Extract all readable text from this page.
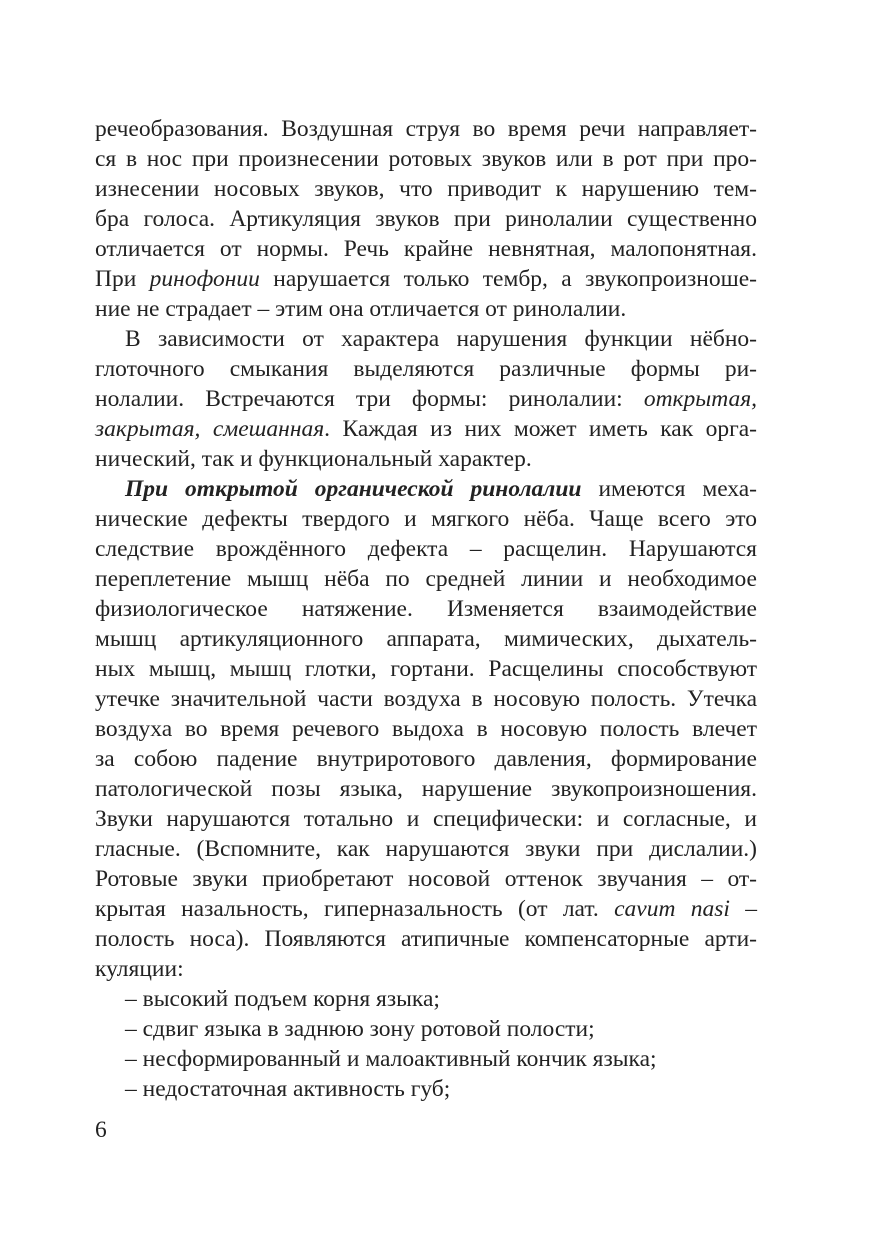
речеобразования. Воздушная струя во время речи направляет-
ся в нос при произнесении ротовых звуков или в рот при про-
изнесении носовых звуков, что приводит к нарушению тем-
бра голоса. Артикуляция звуков при ринолалии существенно
отличается от нормы. Речь крайне невнятная, малопонятная.
При ринофонии нарушается только тембр, а звукопроизноше-
ние не страдает – этим она отличается от ринолалии.
В зависимости от характера нарушения функции нёбно-
глоточного смыкания выделяются различные формы ри-
нолалии. Встречаются три формы: ринолалии: открытая,
закрытая, смешанная. Каждая из них может иметь как орга-
нический, так и функциональный характер.
При открытой органической ринолалии имеются меха-
нические дефекты твердого и мягкого нёба. Чаще всего это
следствие врождённого дефекта – расщелин. Нарушаются
переплетение мышц нёба по средней линии и необходимое
физиологическое натяжение. Изменяется взаимодействие
мышц артикуляционного аппарата, мимических, дыхатель-
ных мышц, мышц глотки, гортани. Расщелины способствуют
утечке значительной части воздуха в носовую полость. Утечка
воздуха во время речевого выдоха в носовую полость влечет
за собою падение внутриротового давления, формирование
патологической позы языка, нарушение звукопроизношения.
Звуки нарушаются тотально и специфически: и согласные, и
гласные. (Вспомните, как нарушаются звуки при дислалии.)
Ротовые звуки приобретают носовой оттенок звучания – от-
крытая назальность, гиперназальность (от лат. cavum nasi –
полость носа). Появляются атипичные компенсаторные арти-
куляции:
– высокий подъем корня языка;
– сдвиг языка в заднюю зону ротовой полости;
– несформированный и малоактивный кончик языка;
– недостаточная активность губ;
6
